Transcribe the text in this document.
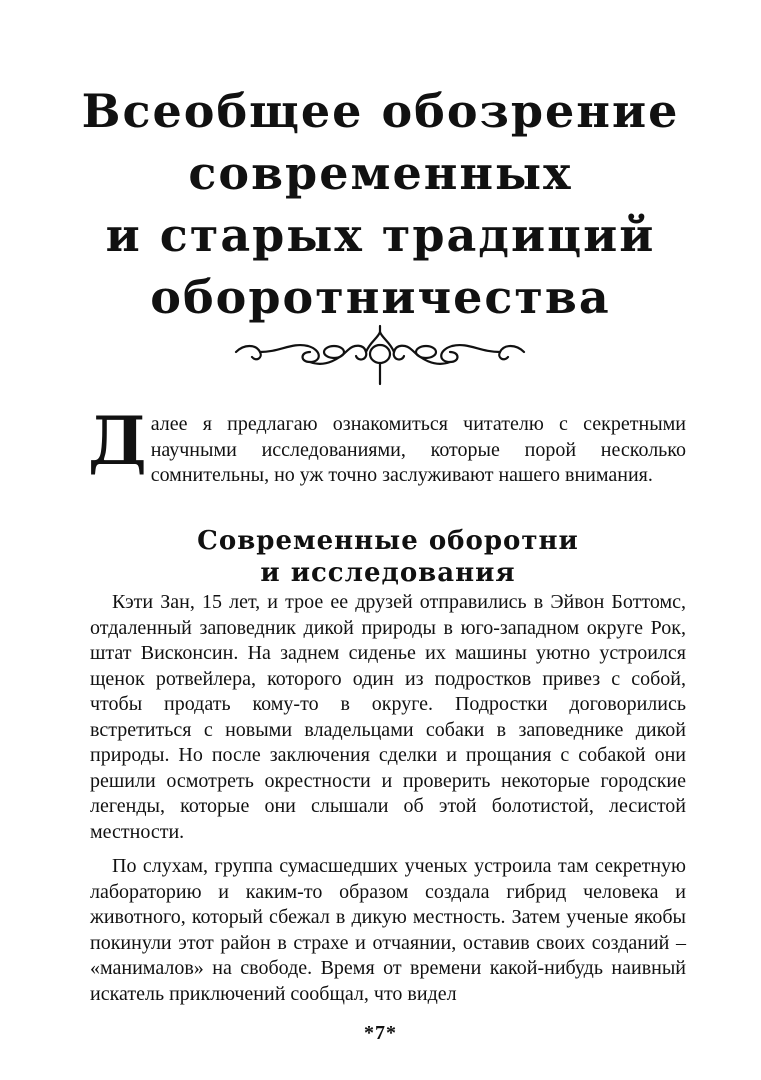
Всеобщее обозрение
современных
и старых традиций
оборотничества

Далее я предлагаю ознакомиться читателю с секретными научными исследованиями, которые порой несколько сомнительны, но уж точно заслуживают нашего внимания.

Современные оборотни
и исследования

Кэти Зан, 15 лет, и трое ее друзей отправились в Эйвон Боттомс, отдаленный заповедник дикой природы в юго-западном округе Рок, штат Висконсин. На заднем сиденье их машины уютно устроился щенок ротвейлера, которого один из подростков привез с собой, чтобы продать кому-то в округе. Подростки договорились встретиться с новыми владельцами собаки в заповеднике дикой природы. Но после заключения сделки и прощания с собакой они решили осмотреть окрестности и проверить некоторые городские легенды, которые они слышали об этой болотистой, лесистой местности.

По слухам, группа сумасшедших ученых устроила там секретную лабораторию и каким-то образом создала гибрид человека и животного, который сбежал в дикую местность. Затем ученые якобы покинули этот район в страхе и отчаянии, оставив своих созданий – «манималов» на свободе. Время от времени какой-нибудь наивный искатель приключений сообщал, что видел

*7*
